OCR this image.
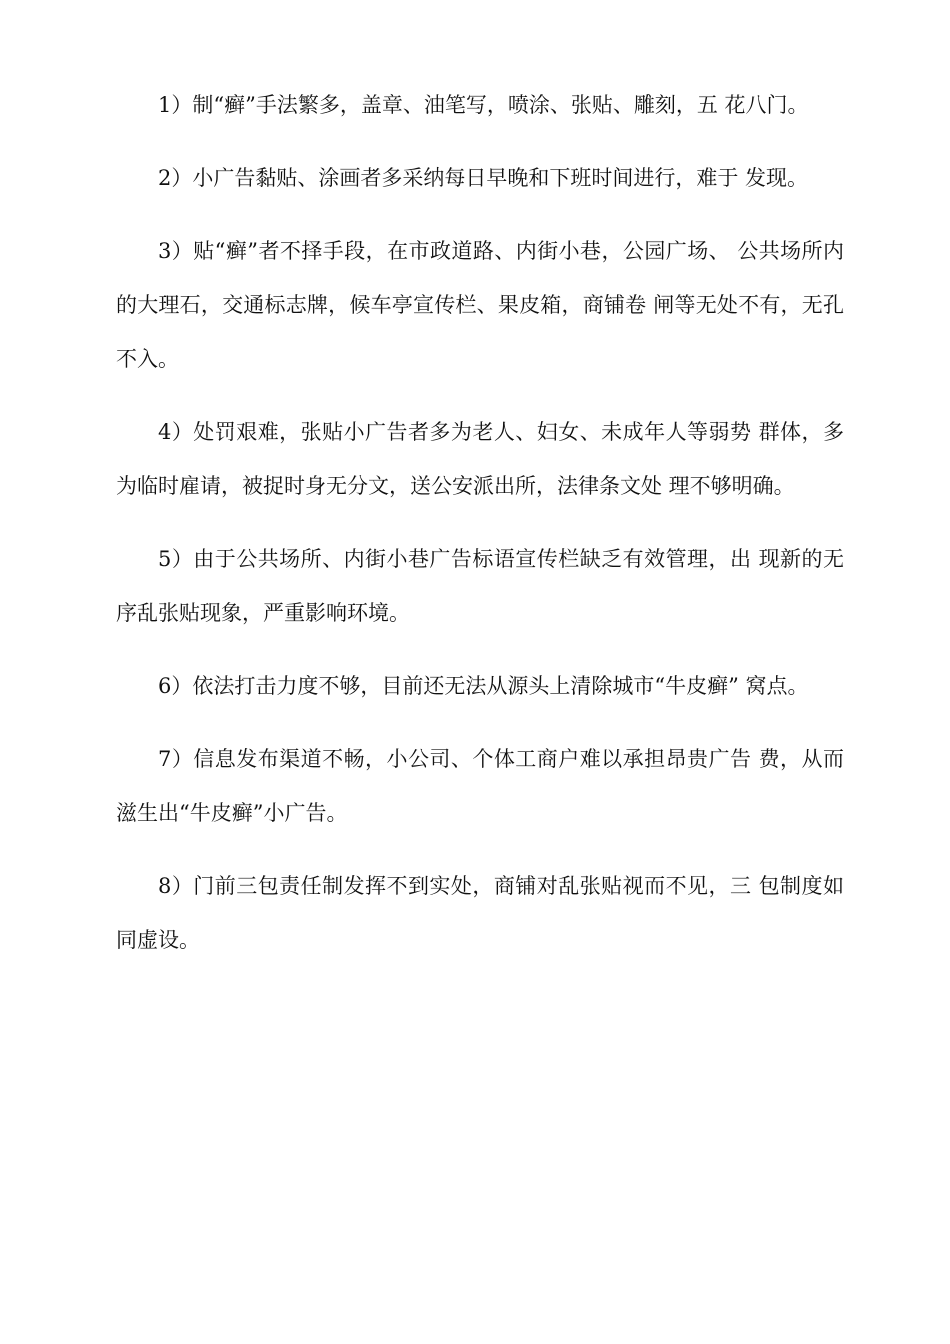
1）制“癣”手法繁多，盖章、油笔写，喷涂、张贴、雕刻，五 花八门。

2）小广告黏贴、涂画者多采纳每日早晚和下班时间进行，难于 发现。

3）贴“癣”者不择手段，在市政道路、内街小巷，公园广场、 公共场所内的大理石，交通标志牌，候车亭宣传栏、果皮箱，商铺卷 闸等无处不有，无孔不入。

4）处罚艰难，张贴小广告者多为老人、妇女、未成年人等弱势 群体，多为临时雇请，被捉时身无分文，送公安派出所，法律条文处 理不够明确。

5）由于公共场所、内街小巷广告标语宣传栏缺乏有效管理，出 现新的无序乱张贴现象，严重影响环境。

6）依法打击力度不够，目前还无法从源头上清除城市“牛皮癣” 窝点。

7）信息发布渠道不畅，小公司、个体工商户难以承担昂贵广告 费，从而滋生出“牛皮癣”小广告。

8）门前三包责任制发挥不到实处，商铺对乱张贴视而不见，三 包制度如同虚设。
